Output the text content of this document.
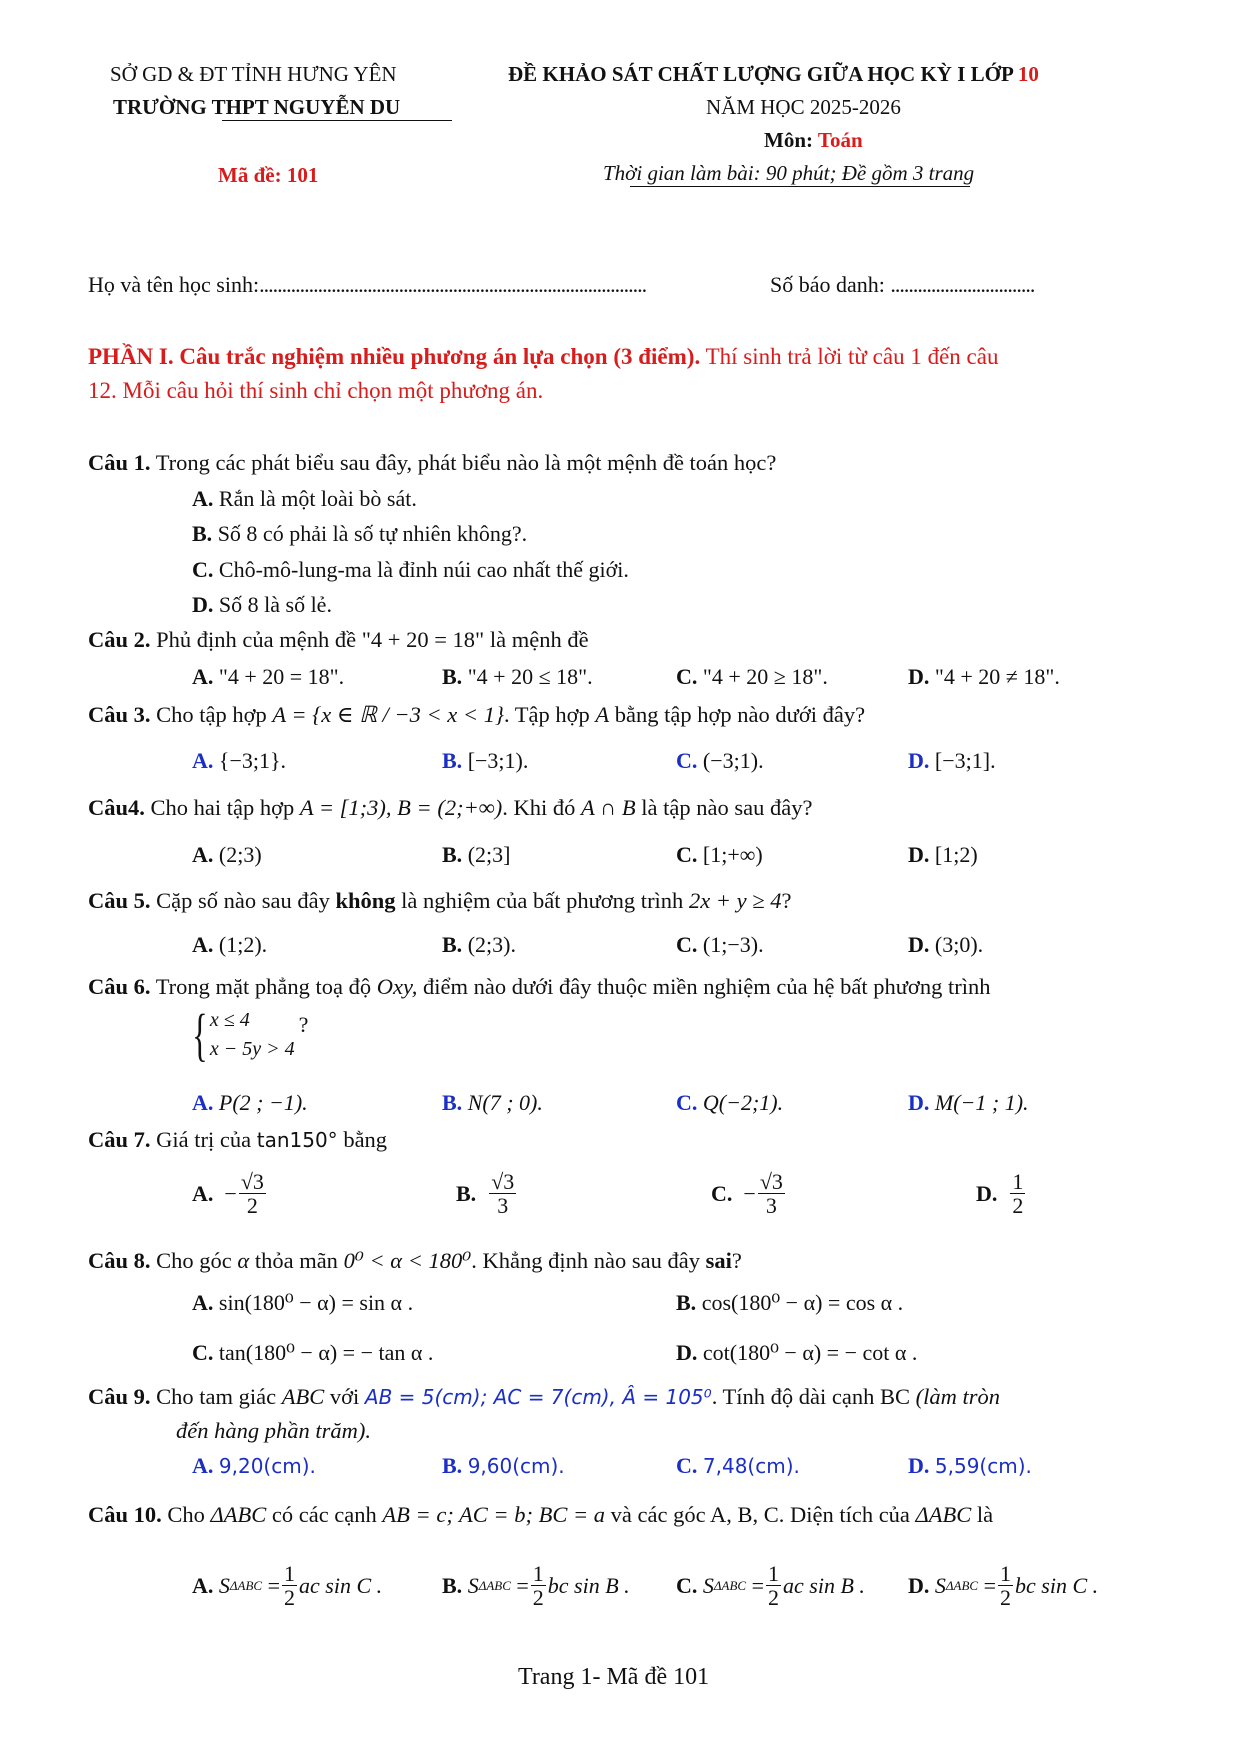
SỞ GD & ĐT TỈNH HƯNG YÊN
TRƯỜNG THPT NGUYỄN DU
ĐỀ KHẢO SÁT CHẤT LƯỢNG GIỮA HỌC KỲ I LỚP 10
NĂM HỌC 2025-2026
Môn: Toán
Mã đề: 101	Thời gian làm bài: 90 phút; Đề gồm 3 trang
Họ và tên học sinh:......................................................................................	Số báo danh: ................................
PHẦN I. Câu trắc nghiệm nhiều phương án lựa chọn (3 điểm). Thí sinh trả lời từ câu 1 đến câu
12. Mỗi câu hỏi thí sinh chỉ chọn một phương án.
Câu 1. Trong các phát biểu sau đây, phát biểu nào là một mệnh đề toán học?
A. Rắn là một loài bò sát.
B. Số 8 có phải là số tự nhiên không?.
C. Chô-mô-lung-ma là đỉnh núi cao nhất thế giới.
D. Số 8 là số lẻ.
Câu 2. Phủ định của mệnh đề "4 + 20 = 18" là mệnh đề
A. "4 + 20 = 18".	B. "4 + 20 ≤ 18".	C. "4 + 20 ≥ 18".	D. "4 + 20 ≠ 18".
Câu 3. Cho tập hợp A = {x ∈ ℝ / −3 < x < 1}. Tập hợp A bằng tập hợp nào dưới đây?
A. {−3;1}.	B. [−3;1).	C. (−3;1).	D. [−3;1].
Câu4. Cho hai tập hợp A = [1;3), B = (2;+∞). Khi đó A ∩ B là tập nào sau đây?
A. (2;3)	B. (2;3]	C. [1;+∞)	D. [1;2)
Câu 5. Cặp số nào sau đây không là nghiệm của bất phương trình 2x + y ≥ 4?
A. (1;2).	B. (2;3).	C. (1;−3).	D. (3;0).
Câu 6. Trong mặt phẳng toạ độ Oxy, điểm nào dưới đây thuộc miền nghiệm của hệ bất phương trình
{ x ≤ 4
x − 5y > 4
?
A. P(2 ; −1).	B. N(7 ; 0).	C. Q(−2;1).	D. M(−1 ; 1).
Câu 7. Giá trị của tan150° bằng
A.
− $\frac{√3}{2}$	B.
$\frac{√3}{3}$	C.
− $\frac{√3}{3}$	D.
$\frac{1}{2}$
Câu 8. Cho góc α thỏa mãn 0⁰ < α < 180⁰. Khẳng định nào sau đây sai?
A. sin(180⁰ − α) = sin α .	B. cos(180⁰ − α) = cos α .
C. tan(180⁰ − α) = − tan α .	D. cot(180⁰ − α) = − cot α .
Câu 9. Cho tam giác ABC với AB = 5(cm); AC = 7(cm), Â = 105⁰. Tính độ dài cạnh BC (làm tròn
đến hàng phần trăm).
A. 9,20(cm).	B. 9,60(cm).	C. 7,48(cm).	D. 5,59(cm).
Câu 10. Cho ΔABC có các cạnh AB = c; AC = b; BC = a và các góc A, B, C. Diện tích của ΔABC là
A.
S ΔABC
= $\frac{1}{2}$ ac sin C .	B.
S ΔABC
= $\frac{1}{2}$ bc sin B . C.
S ΔABC
= $\frac{1}{2}$ ac sin B . D.
S ΔABC
= $\frac{1}{2}$ bc sin C .
Trang 1- Mã đề 101
